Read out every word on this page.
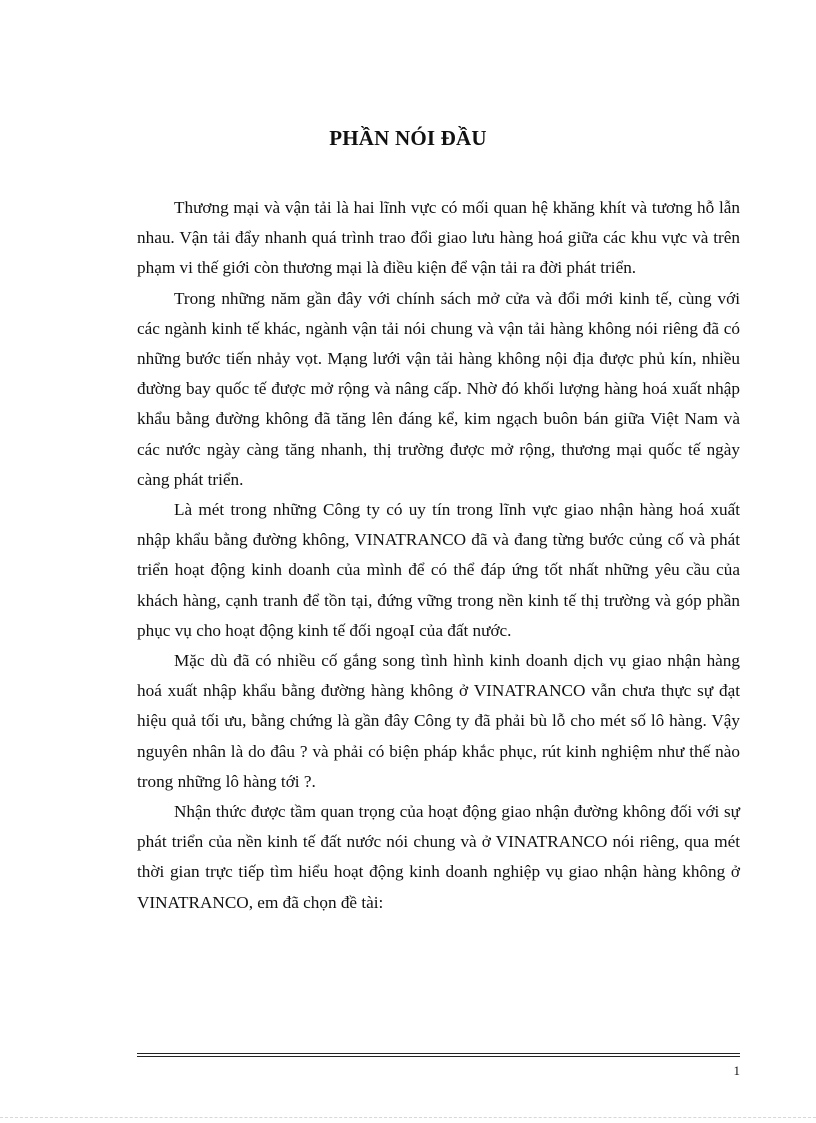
PHẦN NÓI ĐẦU

Thương mại và vận tải là hai lĩnh vực có mối quan hệ khăng khít và tương hỗ lẫn nhau. Vận tải đẩy nhanh quá trình trao đổi giao lưu hàng hoá giữa các khu vực và trên phạm vi thế giới còn thương mại là điều kiện để vận tải ra đời phát triển.

Trong những năm gần đây với chính sách mở cửa và đổi mới kinh tế, cùng với các ngành kinh tế khác, ngành vận tải nói chung và vận tải hàng không nói riêng đã có những bước tiến nhảy vọt. Mạng lưới vận tải hàng không nội địa được phủ kín, nhiều đường bay quốc tế được mở rộng và nâng cấp. Nhờ đó khối lượng hàng hoá xuất nhập khẩu bằng đường không đã tăng lên đáng kể, kim ngạch buôn bán giữa Việt Nam và các nước ngày càng tăng nhanh, thị trường được mở rộng, thương mại quốc tế ngày càng phát triển.

Là mét trong những Công ty có uy tín trong lĩnh vực giao nhận hàng hoá xuất nhập khẩu bằng đường không, VINATRANCO đã và đang từng bước củng cố và phát triển hoạt động kinh doanh của mình để có thể đáp ứng tốt nhất những yêu cầu của khách hàng, cạnh tranh để tồn tại, đứng vững trong nền kinh tế thị trường và góp phần phục vụ cho hoạt động kinh tế đối ngoạI của đất nước.

Mặc dù đã có nhiều cố gắng song tình hình kinh doanh dịch vụ giao nhận hàng hoá xuất nhập khẩu bằng đường hàng không ở VINATRANCO vẫn chưa thực sự đạt hiệu quả tối ưu, bằng chứng là gần đây Công ty đã phải bù lỗ cho mét số lô hàng. Vậy nguyên nhân là do đâu ? và phải có biện pháp khắc phục, rút kinh nghiệm như thế nào trong những lô hàng tới ?.

Nhận thức được tầm quan trọng của hoạt động giao nhận đường không đối với sự phát triển của nền kinh tế đất nước nói chung và ở VINATRANCO nói riêng, qua mét thời gian trực tiếp tìm hiểu hoạt động kinh doanh nghiệp vụ giao nhận hàng không ở VINATRANCO, em đã chọn đề tài:

1
